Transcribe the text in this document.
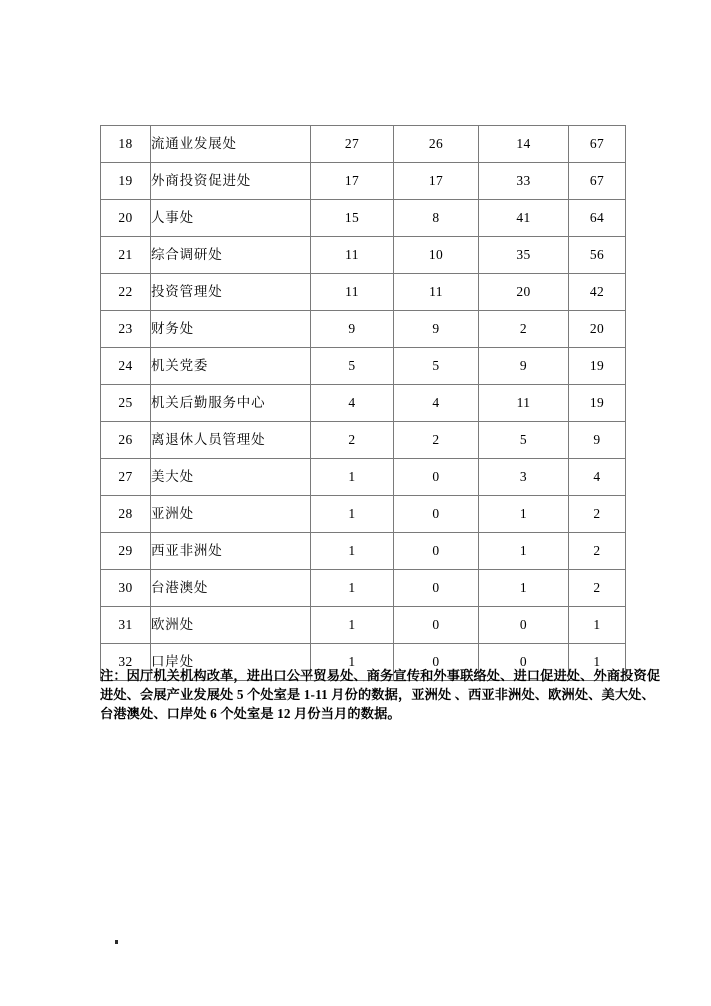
18	流通业发展处	27	26	14	67
19	外商投资促进处	17	17	33	67
20	人事处	15	8	41	64
21	综合调研处	11	10	35	56
22	投资管理处	11	11	20	42
23	财务处	9	9	2	20
24	机关党委	5	5	9	19
25	机关后勤服务中心	4	4	11	19
26	离退休人员管理处	2	2	5	9
27	美大处	1	0	3	4
28	亚洲处	1	0	1	2
29	西亚非洲处	1	0	1	2
30	台港澳处	1	0	1	2
31	欧洲处	1	0	0	1
32	口岸处	1	0	0	1
注：因厅机关机构改革，进出口公平贸易处、商务宣传和外事联络处、进口促进处、外商投资促
进处、会展产业发展处 5 个处室是 1-11 月份的数据，亚洲处 、西亚非洲处、欧洲处、美大处、
台港澳处、口岸处 6 个处室是 12 月份当月的数据。
